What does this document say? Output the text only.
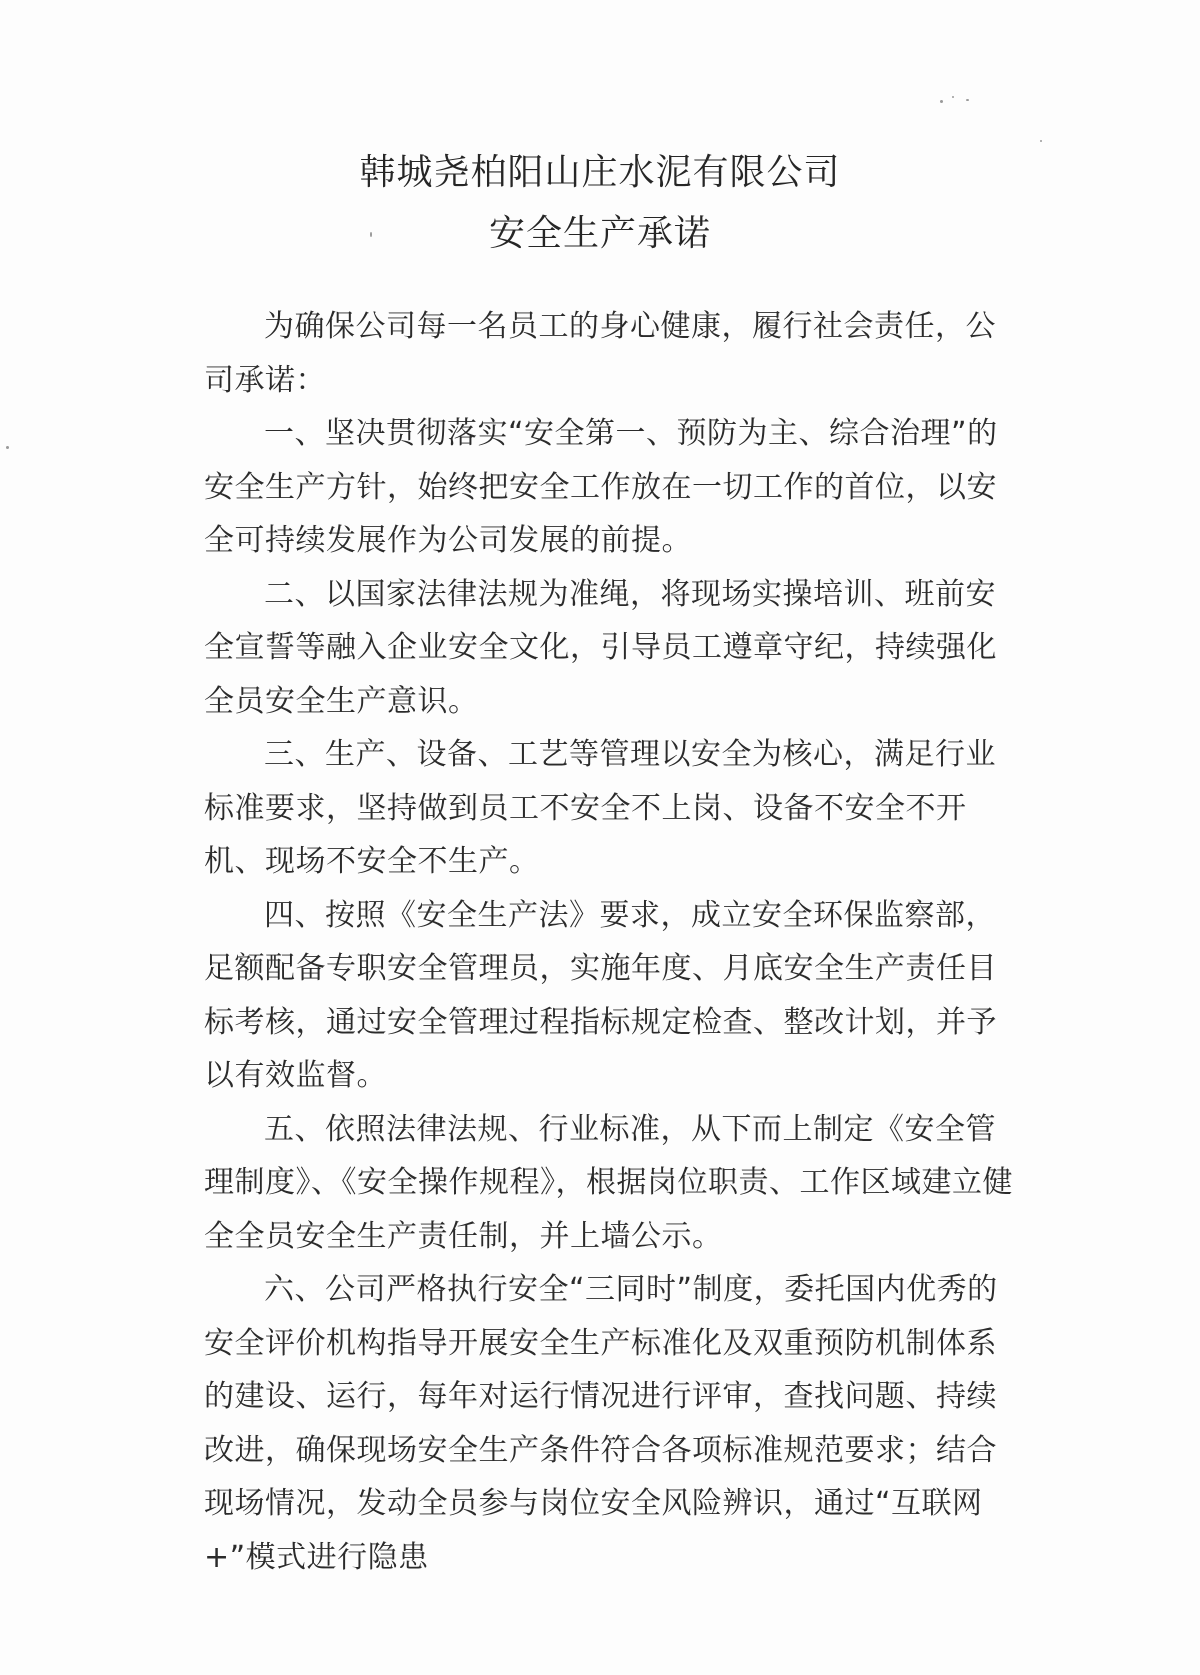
韩城尧柏阳山庄水泥有限公司
安全生产承诺

为确保公司每一名员工的身心健康，履行社会责任，公司承诺：

一、坚决贯彻落实“安全第一、预防为主、综合治理”的安全生产方针，始终把安全工作放在一切工作的首位，以安全可持续发展作为公司发展的前提。

二、以国家法律法规为准绳，将现场实操培训、班前安全宣誓等融入企业安全文化，引导员工遵章守纪，持续强化全员安全生产意识。

三、生产、设备、工艺等管理以安全为核心，满足行业标准要求，坚持做到员工不安全不上岗、设备不安全不开机、现场不安全不生产。

四、按照《安全生产法》要求，成立安全环保监察部，足额配备专职安全管理员，实施年度、月底安全生产责任目标考核，通过安全管理过程指标规定检查、整改计划，并予以有效监督。

五、依照法律法规、行业标准，从下而上制定《安全管理制度》、《安全操作规程》，根据岗位职责、工作区域建立健全全员安全生产责任制，并上墙公示。

六、公司严格执行安全“三同时”制度，委托国内优秀的安全评价机构指导开展安全生产标准化及双重预防机制体系的建设、运行，每年对运行情况进行评审，查找问题、持续改进，确保现场安全生产条件符合各项标准规范要求；结合现场情况，发动全员参与岗位安全风险辨识，通过“互联网+”模式进行隐患
